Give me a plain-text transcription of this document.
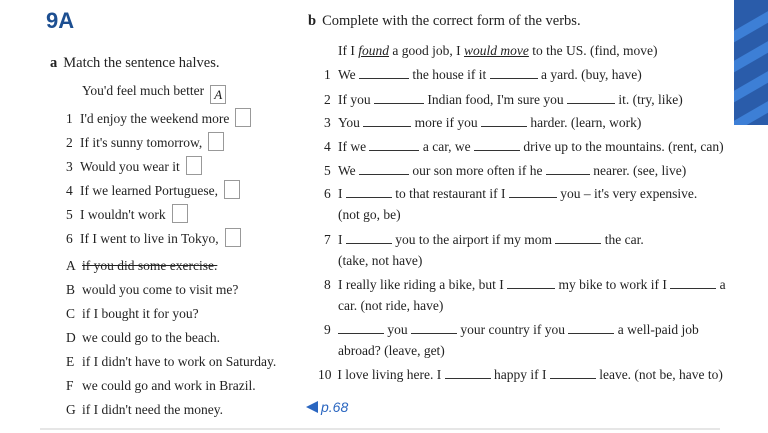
9A
a Match the sentence halves.
You'd feel much better A
1 I'd enjoy the weekend more
2 If it's sunny tomorrow,
3 Would you wear it
4 If we learned Portuguese,
5 I wouldn't work
6 If I went to live in Tokyo,
A if you did some exercise.
B would you come to visit me?
C if I bought it for you?
D we could go to the beach.
E if I didn't have to work on Saturday.
F we could go and work in Brazil.
G if I didn't need the money.
b Complete with the correct form of the verbs.
If I found a good job, I would move to the US. (find, move)
1 We	the house if it	a yard. (buy, have)
2 If you	Indian food, I'm sure you	it. (try, like)
3 You	more if you	harder. (learn, work)
4 If we	a car, we	drive up to the mountains. (rent, can)
5 We	our son more often if he	nearer. (see, live)
6 I	to that restaurant if I	you – it's very expensive.
(not go, be)
7 I	you to the airport if my mom	the car.
(take, not have)
8 I really like riding a bike, but I	my bike to work if I	a
car. (not ride, have)
9	you	your country if you	a well-paid job
abroad? (leave, get)
10 I love living here. I	happy if I	leave. (not be, have to)
p.68
